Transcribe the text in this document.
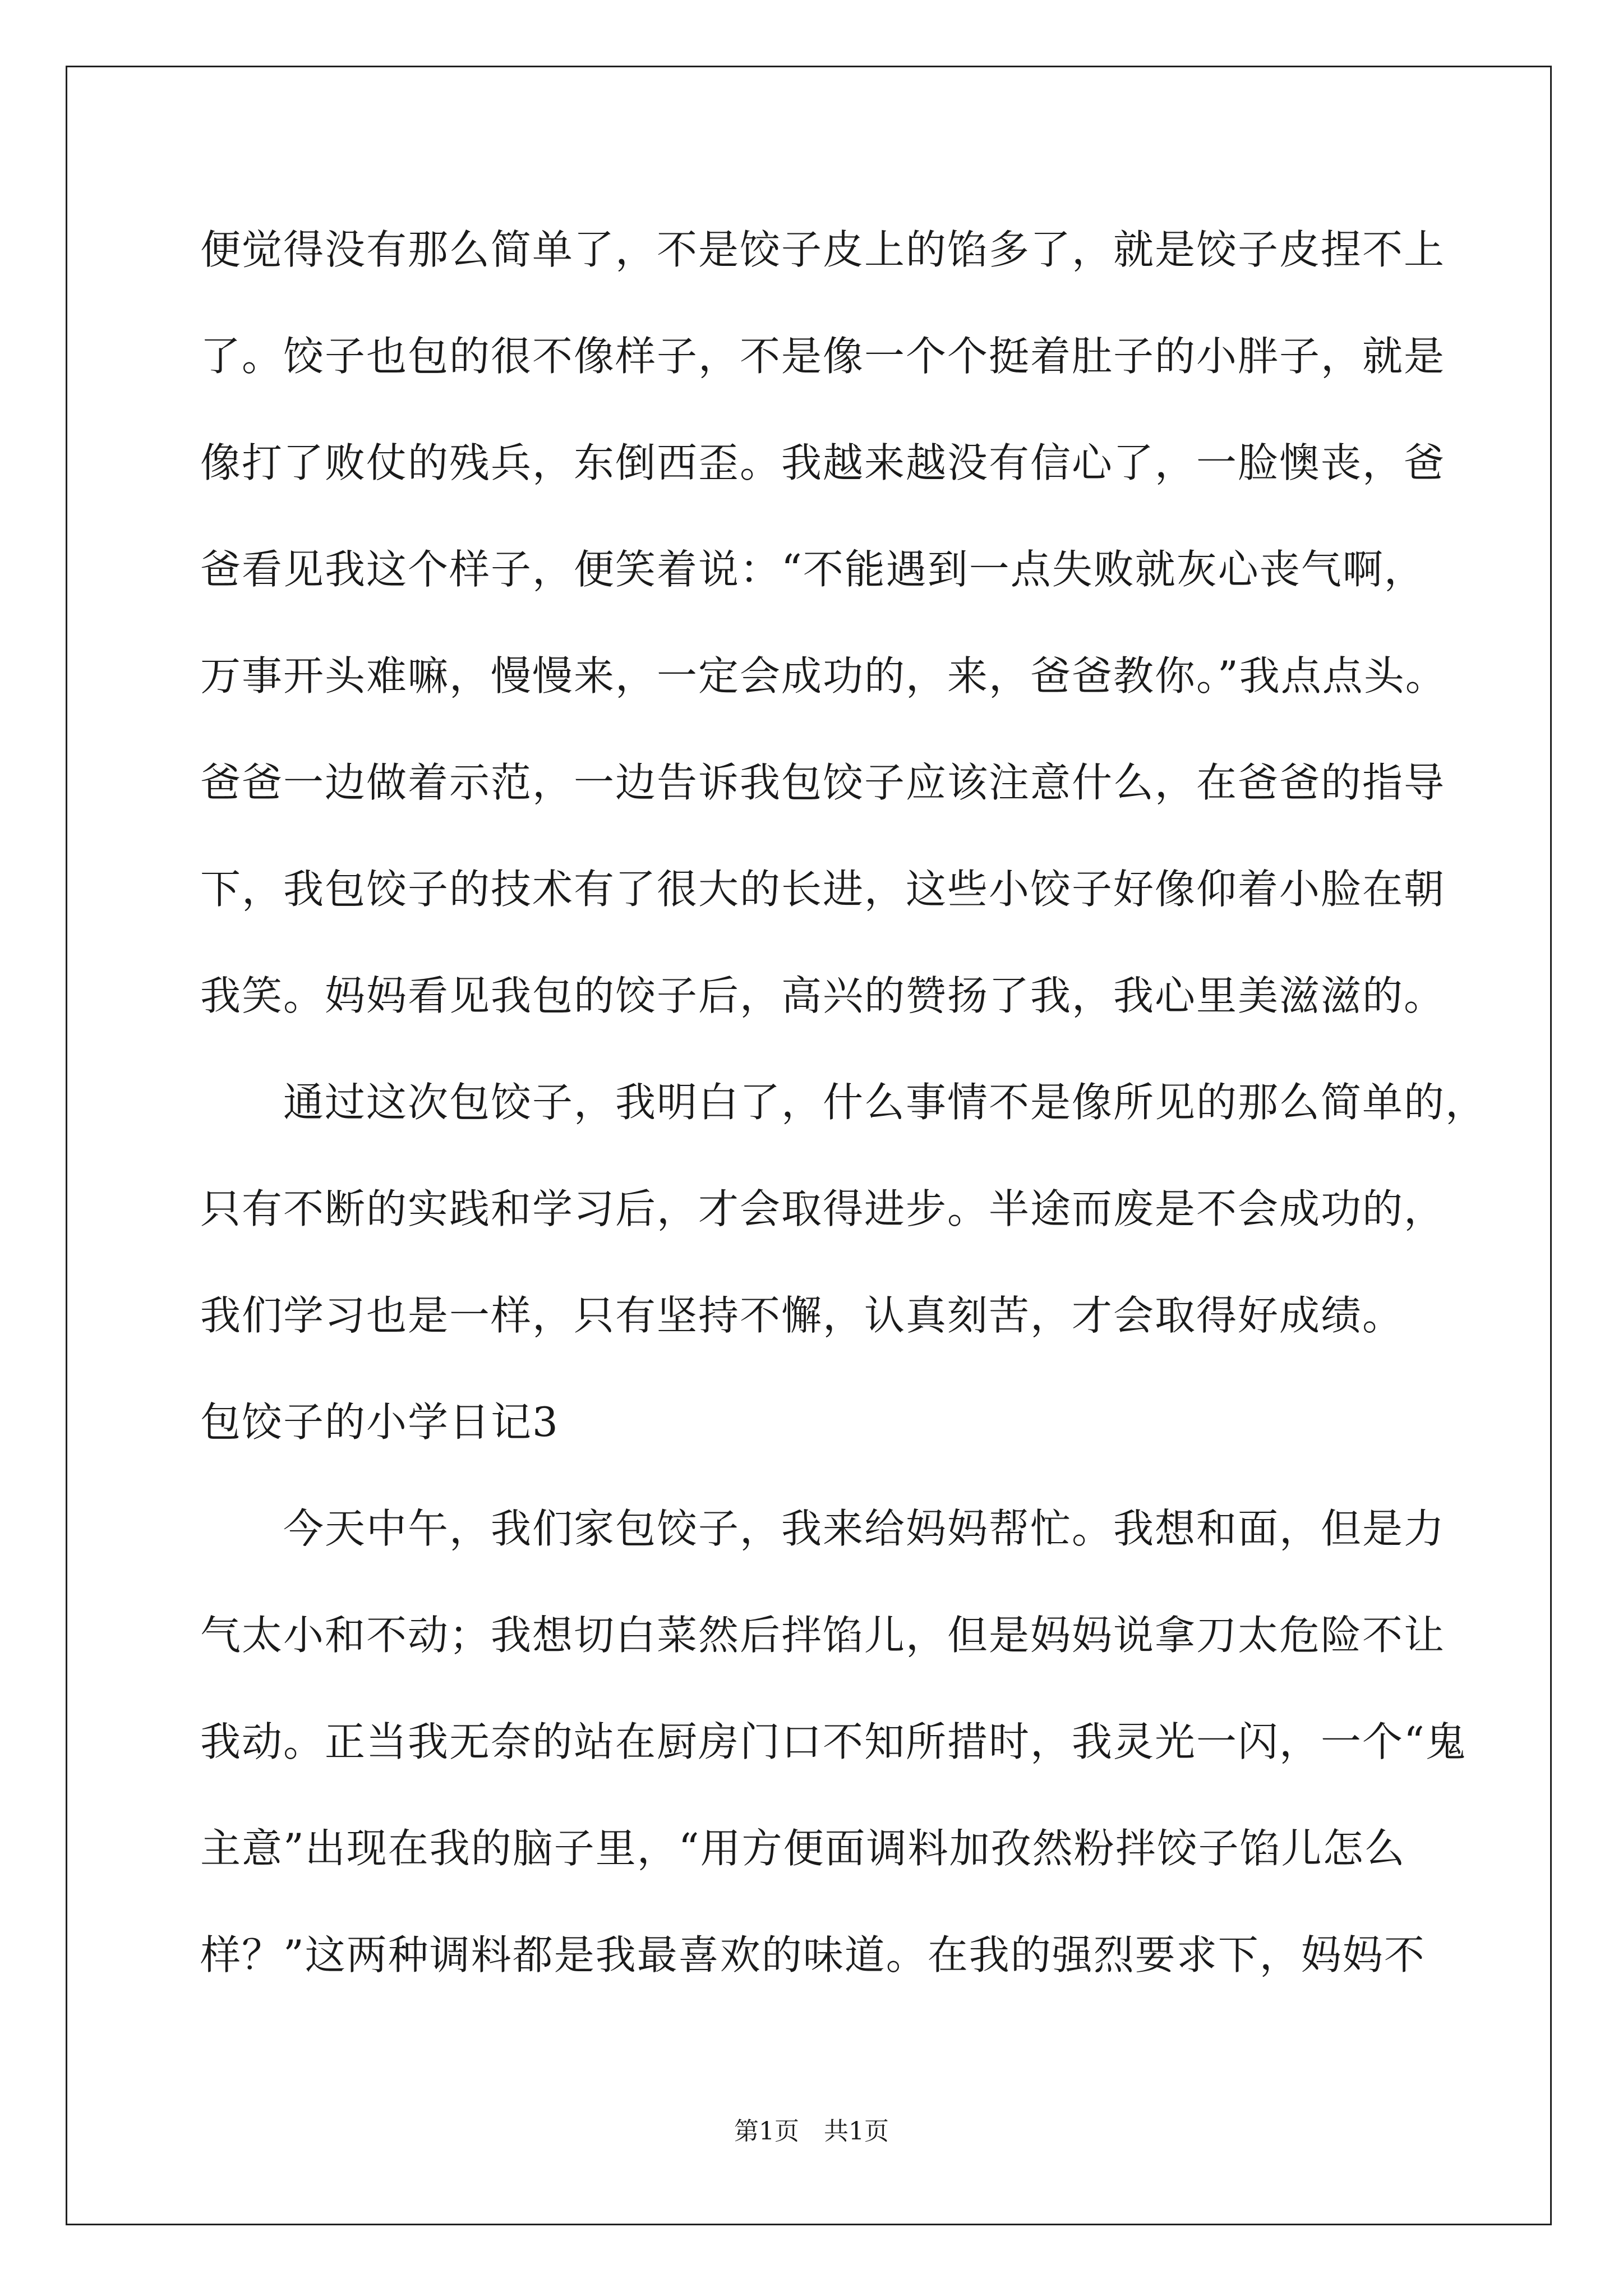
便觉得没有那么简单了，不是饺子皮上的馅多了，就是饺子皮捏不上
了。饺子也包的很不像样子，不是像一个个挺着肚子的小胖子，就是
像打了败仗的残兵，东倒西歪。我越来越没有信心了，一脸懊丧，爸
爸看见我这个样子，便笑着说：“不能遇到一点失败就灰心丧气啊，
万事开头难嘛，慢慢来，一定会成功的，来，爸爸教你。”我点点头。
爸爸一边做着示范，一边告诉我包饺子应该注意什么，在爸爸的指导
下，我包饺子的技术有了很大的长进，这些小饺子好像仰着小脸在朝
我笑。妈妈看见我包的饺子后，高兴的赞扬了我，我心里美滋滋的。
　　通过这次包饺子，我明白了，什么事情不是像所见的那么简单的，
只有不断的实践和学习后，才会取得进步。半途而废是不会成功的，
我们学习也是一样，只有坚持不懈，认真刻苦，才会取得好成绩。
包饺子的小学日记3
　　今天中午，我们家包饺子，我来给妈妈帮忙。我想和面，但是力
气太小和不动；我想切白菜然后拌馅儿，但是妈妈说拿刀太危险不让
我动。正当我无奈的站在厨房门口不知所措时，我灵光一闪，一个“鬼
主意”出现在我的脑子里，“用方便面调料加孜然粉拌饺子馅儿怎么
样？”这两种调料都是我最喜欢的味道。在我的强烈要求下，妈妈不
第1页　共1页
